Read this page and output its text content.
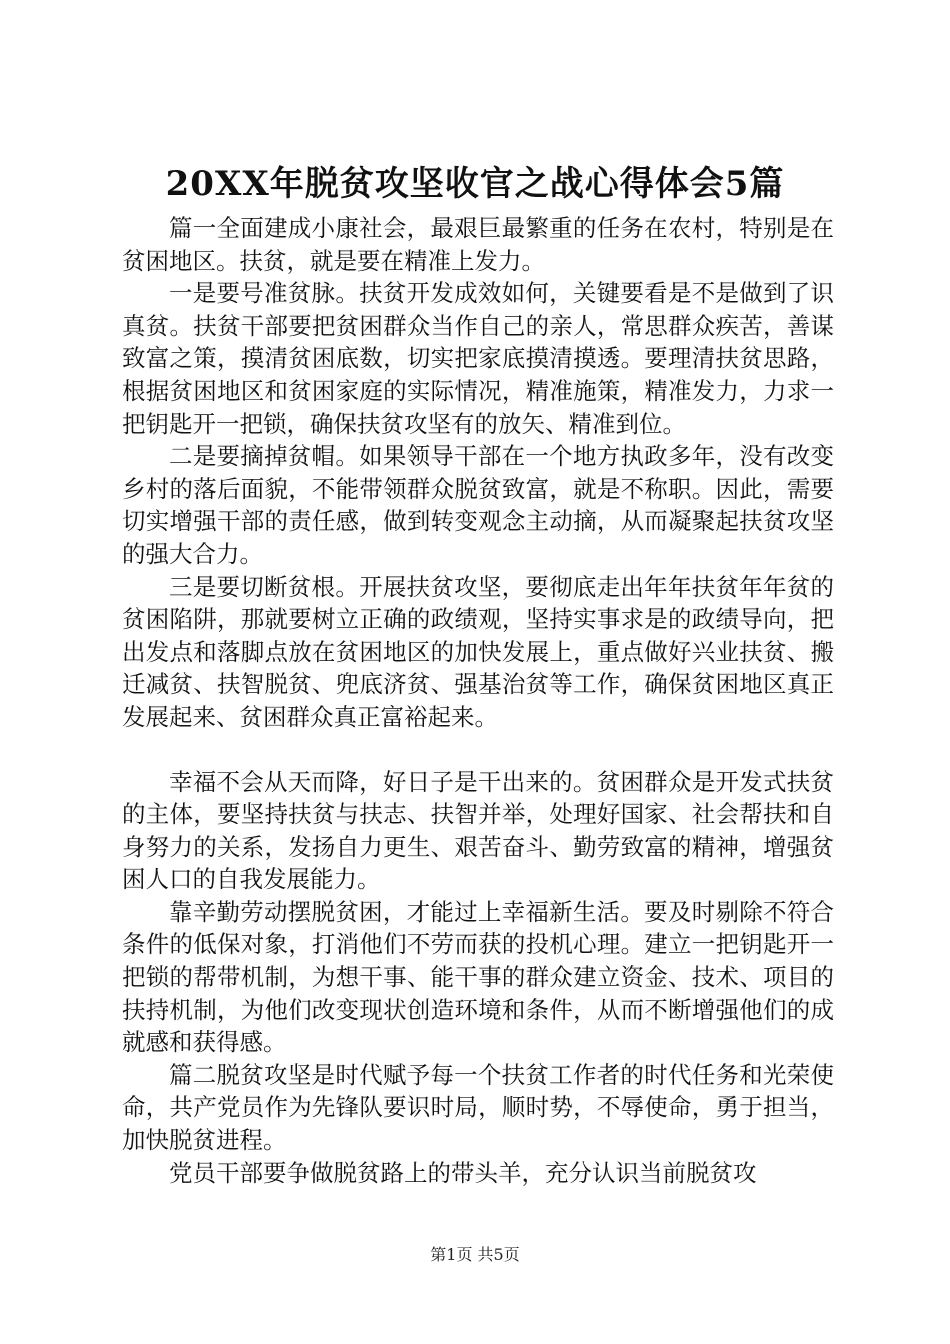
20XX年脱贫攻坚收官之战心得体会5篇

篇一全面建成小康社会，最艰巨最繁重的任务在农村，特别是在贫困地区。扶贫，就是要在精准上发力。

一是要号准贫脉。扶贫开发成效如何，关键要看是不是做到了识真贫。扶贫干部要把贫困群众当作自己的亲人，常思群众疾苦，善谋致富之策，摸清贫困底数，切实把家底摸清摸透。要理清扶贫思路，根据贫困地区和贫困家庭的实际情况，精准施策，精准发力，力求一把钥匙开一把锁，确保扶贫攻坚有的放矢、精准到位。

二是要摘掉贫帽。如果领导干部在一个地方执政多年，没有改变乡村的落后面貌，不能带领群众脱贫致富，就是不称职。因此，需要切实增强干部的责任感，做到转变观念主动摘，从而凝聚起扶贫攻坚的强大合力。

三是要切断贫根。开展扶贫攻坚，要彻底走出年年扶贫年年贫的贫困陷阱，那就要树立正确的政绩观，坚持实事求是的政绩导向，把出发点和落脚点放在贫困地区的加快发展上，重点做好兴业扶贫、搬迁减贫、扶智脱贫、兜底济贫、强基治贫等工作，确保贫困地区真正发展起来、贫困群众真正富裕起来。

幸福不会从天而降，好日子是干出来的。贫困群众是开发式扶贫的主体，要坚持扶贫与扶志、扶智并举，处理好国家、社会帮扶和自身努力的关系，发扬自力更生、艰苦奋斗、勤劳致富的精神，增强贫困人口的自我发展能力。

靠辛勤劳动摆脱贫困，才能过上幸福新生活。要及时剔除不符合条件的低保对象，打消他们不劳而获的投机心理。建立一把钥匙开一把锁的帮带机制，为想干事、能干事的群众建立资金、技术、项目的扶持机制，为他们改变现状创造环境和条件，从而不断增强他们的成就感和获得感。

篇二脱贫攻坚是时代赋予每一个扶贫工作者的时代任务和光荣使命，共产党员作为先锋队要识时局，顺时势，不辱使命，勇于担当，加快脱贫进程。

党员干部要争做脱贫路上的带头羊，充分认识当前脱贫攻

第1页 共5页
